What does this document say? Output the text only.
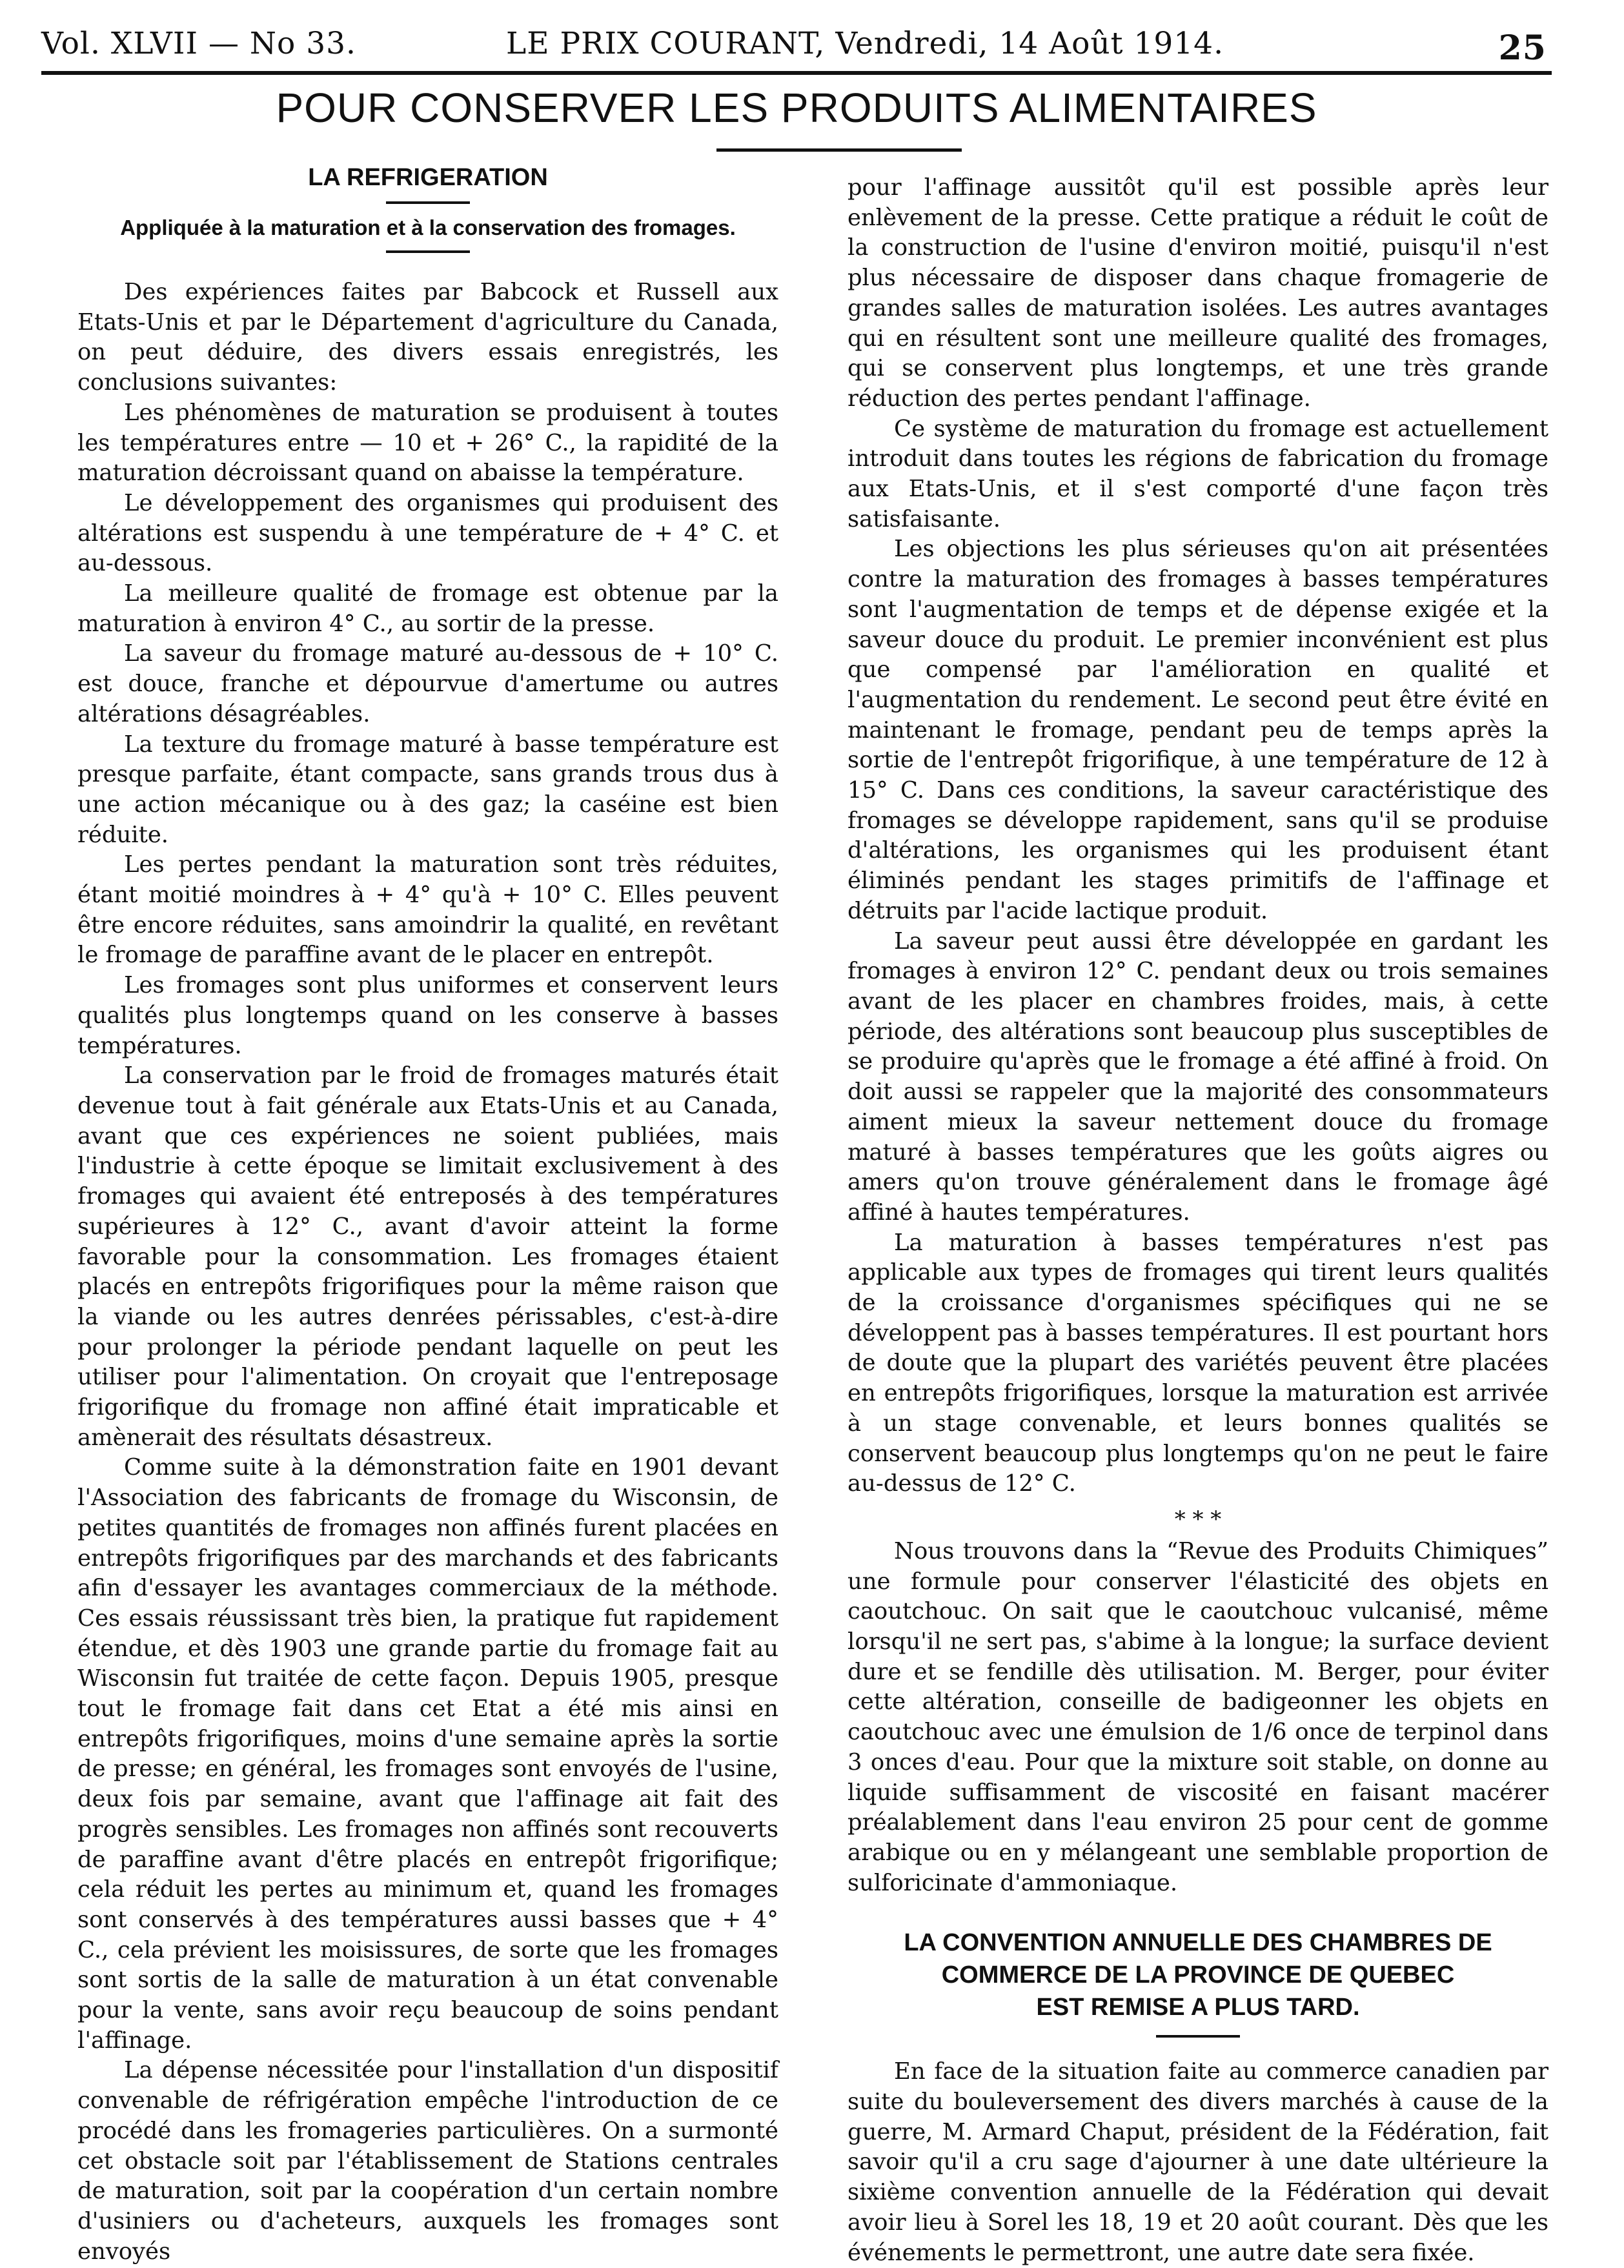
Vol. XLVII — No 33.	LE PRIX COURANT, Vendredi, 14 Août 1914.	25
POUR CONSERVER LES PRODUITS ALIMENTAIRES
LA REFRIGERATION
Appliquée à la maturation et à la conservation des fromages.

Des expériences faites par Babcock et Russell aux Etats-Unis et par le Département d'agriculture du Canada, on peut déduire, des divers essais enregistrés, les conclusions suivantes:

Les phénomènes de maturation se produisent à toutes les températures entre — 10 et + 26° C., la rapidité de la maturation décroissant quand on abaisse la température.

Le développement des organismes qui produisent des altérations est suspendu à une température de + 4° C. et au-dessous.

La meilleure qualité de fromage est obtenue par la maturation à environ 4° C., au sortir de la presse.

La saveur du fromage maturé au-dessous de + 10° C. est douce, franche et dépourvue d'amertume ou autres altérations désagréables.

La texture du fromage maturé à basse température est presque parfaite, étant compacte, sans grands trous dus à une action mécanique ou à des gaz; la caséine est bien réduite.

Les pertes pendant la maturation sont très réduites, étant moitié moindres à + 4° qu'à + 10° C. Elles peuvent être encore réduites, sans amoindrir la qualité, en revêtant le fromage de paraffine avant de le placer en entrepôt.

Les fromages sont plus uniformes et conservent leurs qualités plus longtemps quand on les conserve à basses températures.

La conservation par le froid de fromages maturés était devenue tout à fait générale aux Etats-Unis et au Canada, avant que ces expériences ne soient publiées, mais l'industrie à cette époque se limitait exclusivement à des fromages qui avaient été entreposés à des températures supérieures à 12° C., avant d'avoir atteint la forme favorable pour la consommation. Les fromages étaient placés en entrepôts frigorifiques pour la même raison que la viande ou les autres denrées périssables, c'est-à-dire pour prolonger la période pendant laquelle on peut les utiliser pour l'alimentation. On croyait que l'entreposage frigorifique du fromage non affiné était impraticable et amènerait des résultats désastreux.

Comme suite à la démonstration faite en 1901 devant l'Association des fabricants de fromage du Wisconsin, de petites quantités de fromages non affinés furent placées en entrepôts frigorifiques par des marchands et des fabricants afin d'essayer les avantages commerciaux de la méthode. Ces essais réussissant très bien, la pratique fut rapidement étendue, et dès 1903 une grande partie du fromage fait au Wisconsin fut traitée de cette façon. Depuis 1905, presque tout le fromage fait dans cet Etat a été mis ainsi en entrepôts frigorifiques, moins d'une semaine après la sortie de presse; en général, les fromages sont envoyés de l'usine, deux fois par semaine, avant que l'affinage ait fait des progrès sensibles. Les fromages non affinés sont recouverts de paraffine avant d'être placés en entrepôt frigorifique; cela réduit les pertes au minimum et, quand les fromages sont conservés à des températures aussi basses que + 4° C., cela prévient les moisissures, de sorte que les fromages sont sortis de la salle de maturation à un état convenable pour la vente, sans avoir reçu beaucoup de soins pendant l'affinage.

La dépense nécessitée pour l'installation d'un dispositif convenable de réfrigération empêche l'introduction de ce procédé dans les fromageries particulières. On a surmonté cet obstacle soit par l'établissement de Stations centrales de maturation, soit par la coopération d'un certain nombre d'usiniers ou d'acheteurs, auxquels les fromages sont envoyés

pour l'affinage aussitôt qu'il est possible après leur enlèvement de la presse. Cette pratique a réduit le coût de la construction de l'usine d'environ moitié, puisqu'il n'est plus nécessaire de disposer dans chaque fromagerie de grandes salles de maturation isolées. Les autres avantages qui en résultent sont une meilleure qualité des fromages, qui se conservent plus longtemps, et une très grande réduction des pertes pendant l'affinage.

Ce système de maturation du fromage est actuellement introduit dans toutes les régions de fabrication du fromage aux Etats-Unis, et il s'est comporté d'une façon très satisfaisante.

Les objections les plus sérieuses qu'on ait présentées contre la maturation des fromages à basses températures sont l'augmentation de temps et de dépense exigée et la saveur douce du produit. Le premier inconvénient est plus que compensé par l'amélioration en qualité et l'augmentation du rendement. Le second peut être évité en maintenant le fromage, pendant peu de temps après la sortie de l'entrepôt frigorifique, à une température de 12 à 15° C. Dans ces conditions, la saveur caractéristique des fromages se développe rapidement, sans qu'il se produise d'altérations, les organismes qui les produisent étant éliminés pendant les stages primitifs de l'affinage et détruits par l'acide lactique produit.

La saveur peut aussi être développée en gardant les fromages à environ 12° C. pendant deux ou trois semaines avant de les placer en chambres froides, mais, à cette période, des altérations sont beaucoup plus susceptibles de se produire qu'après que le fromage a été affiné à froid. On doit aussi se rappeler que la majorité des consommateurs aiment mieux la saveur nettement douce du fromage maturé à basses températures que les goûts aigres ou amers qu'on trouve généralement dans le fromage âgé affiné à hautes températures.

La maturation à basses températures n'est pas applicable aux types de fromages qui tirent leurs qualités de la croissance d'organismes spécifiques qui ne se développent pas à basses températures. Il est pourtant hors de doute que la plupart des variétés peuvent être placées en entrepôts frigorifiques, lorsque la maturation est arrivée à un stage convenable, et leurs bonnes qualités se conservent beaucoup plus longtemps qu'on ne peut le faire au-dessus de 12° C.

* * *

Nous trouvons dans la “Revue des Produits Chimiques” une formule pour conserver l'élasticité des objets en caoutchouc. On sait que le caoutchouc vulcanisé, même lorsqu'il ne sert pas, s'abime à la longue; la surface devient dure et se fendille dès utilisation. M. Berger, pour éviter cette altération, conseille de badigeonner les objets en caoutchouc avec une émulsion de 1/6 once de terpinol dans 3 onces d'eau. Pour que la mixture soit stable, on donne au liquide suffisamment de viscosité en faisant macérer préalablement dans l'eau environ 25 pour cent de gomme arabique ou en y mélangeant une semblable proportion de sulforicinate d'ammoniaque.

LA CONVENTION ANNUELLE DES CHAMBRES DE
COMMERCE DE LA PROVINCE DE QUEBEC
EST REMISE A PLUS TARD.

En face de la situation faite au commerce canadien par suite du bouleversement des divers marchés à cause de la guerre, M. Armard Chaput, président de la Fédération, fait savoir qu'il a cru sage d'ajourner à une date ultérieure la sixième convention annuelle de la Fédération qui devait avoir lieu à Sorel les 18, 19 et 20 août courant. Dès que les événements le permettront, une autre date sera fixée.
